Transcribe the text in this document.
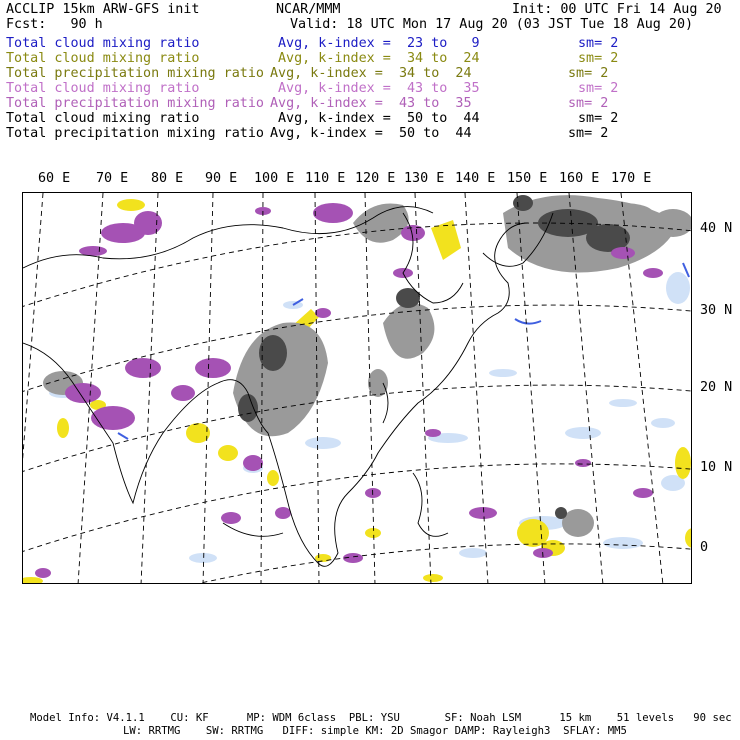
ACCLIP 15km ARW-GFS init
Fcst:   90 h
NCAR/MMM	Init: 00 UTC Fri 14 Aug 20
Valid: 18 UTC Mon 17 Aug 20 (03 JST Tue 18 Aug 20)
Total cloud mixing ratio	Avg, k-index =  23 to   9	sm= 2
Total cloud mixing ratio	Avg, k-index =  34 to  24	sm= 2
Total precipitation mixing ratio Avg, k-index =  34 to  24	sm= 2
Total cloud mixing ratio	Avg, k-index =  43 to  35	sm= 2
Total precipitation mixing ratio Avg, k-index =  43 to  35	sm= 2
Total cloud mixing ratio	Avg, k-index =  50 to  44	sm= 2
Total precipitation mixing ratio Avg, k-index =  50 to  44	sm= 2
60 E 70 E 80 E 90 E 100 E 110 E 120 E 130 E 140 E 150 E 160 E 170 E
40 N
30 N
20 N
10 N
0
Model Info: V4.1.1    CU: KF      MP: WDM 6class  PBL: YSU       SF: Noah LSM      15 km    51 levels   90 sec
LW: RRTMG    SW: RRTMG   DIFF: simple KM: 2D Smagor DAMP: Rayleigh3  SFLAY: MM5
